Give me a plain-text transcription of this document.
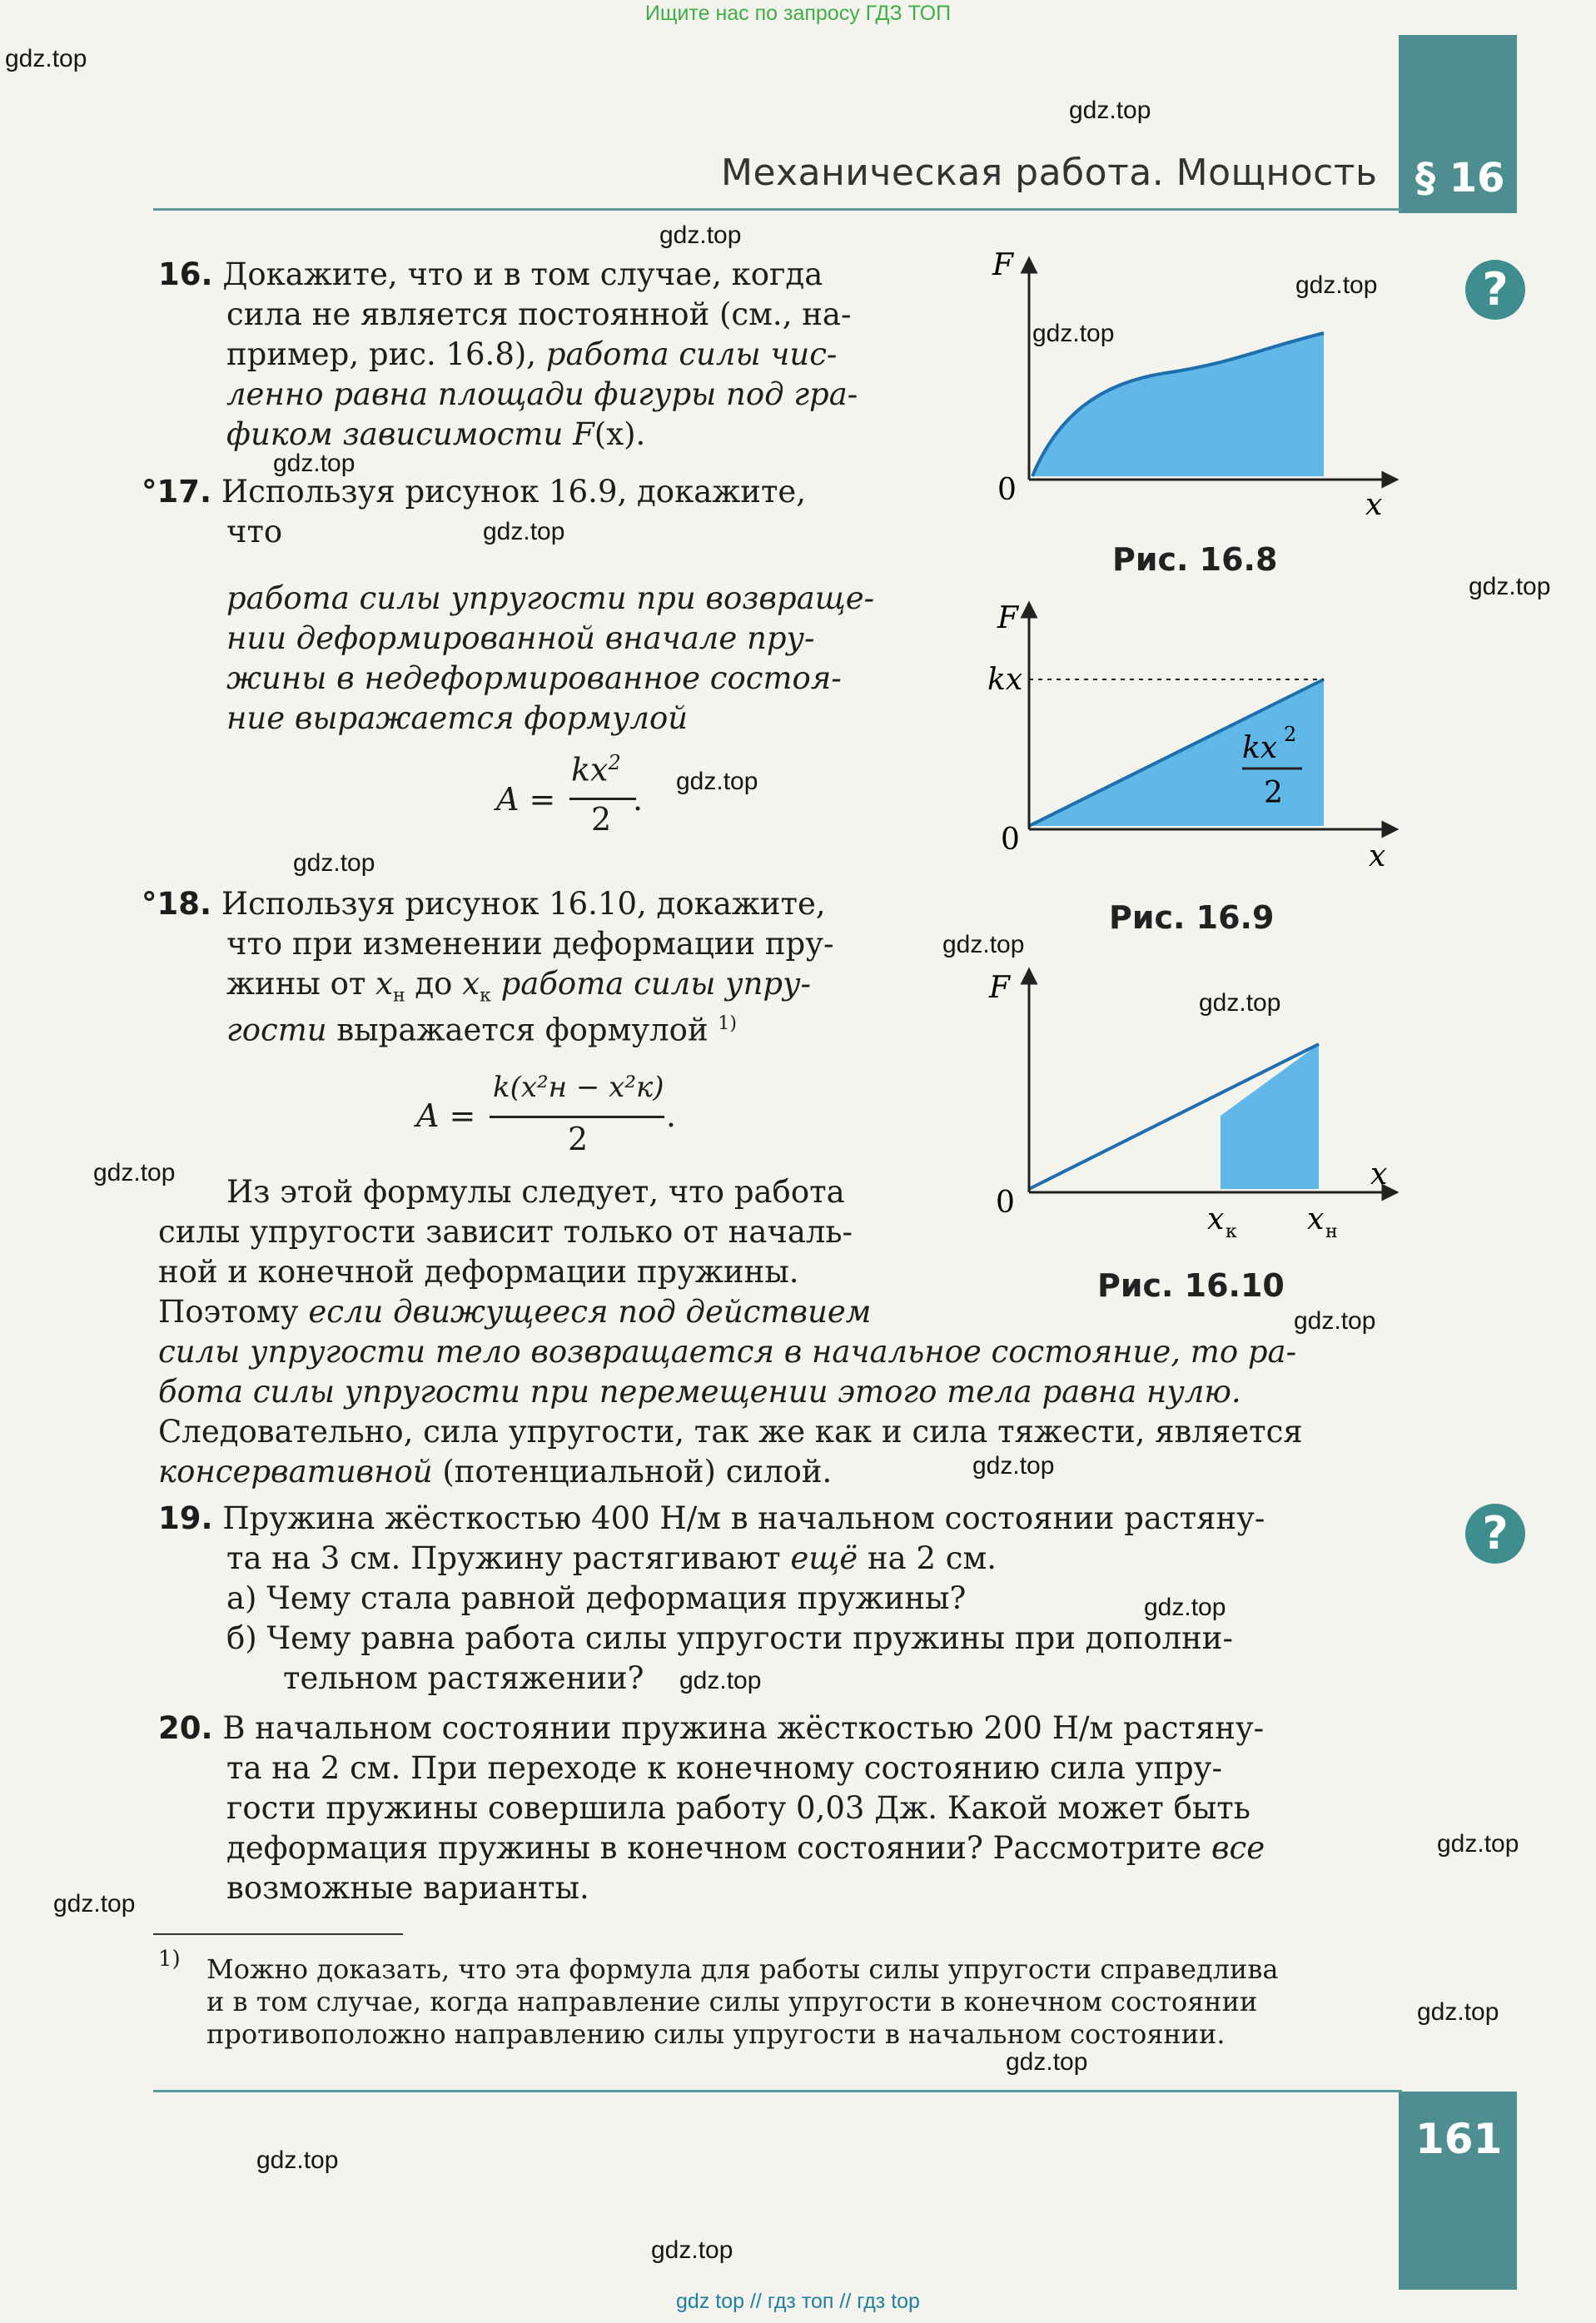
Ищите нас по запросу ГДЗ ТОП
gdz top // гдз топ // гдз top
Механическая работа. Мощность § 16
161
?
?
16. Докажите, что и в том случае, когда
сила не является постоянной (см., на-
пример, рис. 16.8), работа силы чис-
ленно равна площади фигуры под гра-
фиком зависимости F(x).
°17. Используя рисунок 16.9, докажите,
что
работа силы упругости при возвраще-
нии деформированной вначале пру-
жины в недеформированное состоя-
ние выражается формулой
A =
$kx^2$
2
.
°18. Используя рисунок 16.10, докажите,
что при изменении деформации пру-
жины от $x_н$ до $x_к$ работа силы упру-
гости выражается формулой $^{1)}$
A =
k(x²н − x²к)
2
.
Из этой формулы следует, что работа
силы упругости зависит только от началь-
ной и конечной деформации пружины.
Поэтому если движущееся под действием
силы упругости тело возвращается в начальное состояние, то ра-
бота силы упругости при перемещении этого тела равна нулю.
Следовательно, сила упругости, так же как и сила тяжести, является
консервативной (потенциальной) силой.
19. Пружина жёсткостью 400 Н/м в начальном состоянии растяну-
та на 3 см. Пружину растягивают ещё на 2 см.
а) Чему стала равной деформация пружины?
б) Чему равна работа силы упругости пружины при дополни-
тельном растяжении?
20. В начальном состоянии пружина жёсткостью 200 Н/м растяну-
та на 2 см. При переходе к конечному состоянию сила упру-
гости пружины совершила работу 0,03 Дж. Какой может быть
деформация пружины в конечном состоянии? Рассмотрите все
возможные варианты.
1) Можно доказать, что эта формула для работы силы упругости справедлива
и в том случае, когда направление силы упругости в конечном состоянии
противоположно направлению силы упругости в начальном состоянии.
F
x
0
Рис. 16.8
F
kx
kx 2
2
x
0
Рис. 16.9
F
x
0	x к x н
Рис. 16.10
gdz.top
gdz.top
gdz.top
gdz.top
gdz.top
gdz.top
gdz.top
gdz.top
gdz.top
gdz.top
gdz.top
gdz.top
gdz.top
gdz.top
gdz.top
gdz.top
gdz.top
gdz.top
gdz.top
gdz.top
gdz.top
gdz.top
gdz.top
